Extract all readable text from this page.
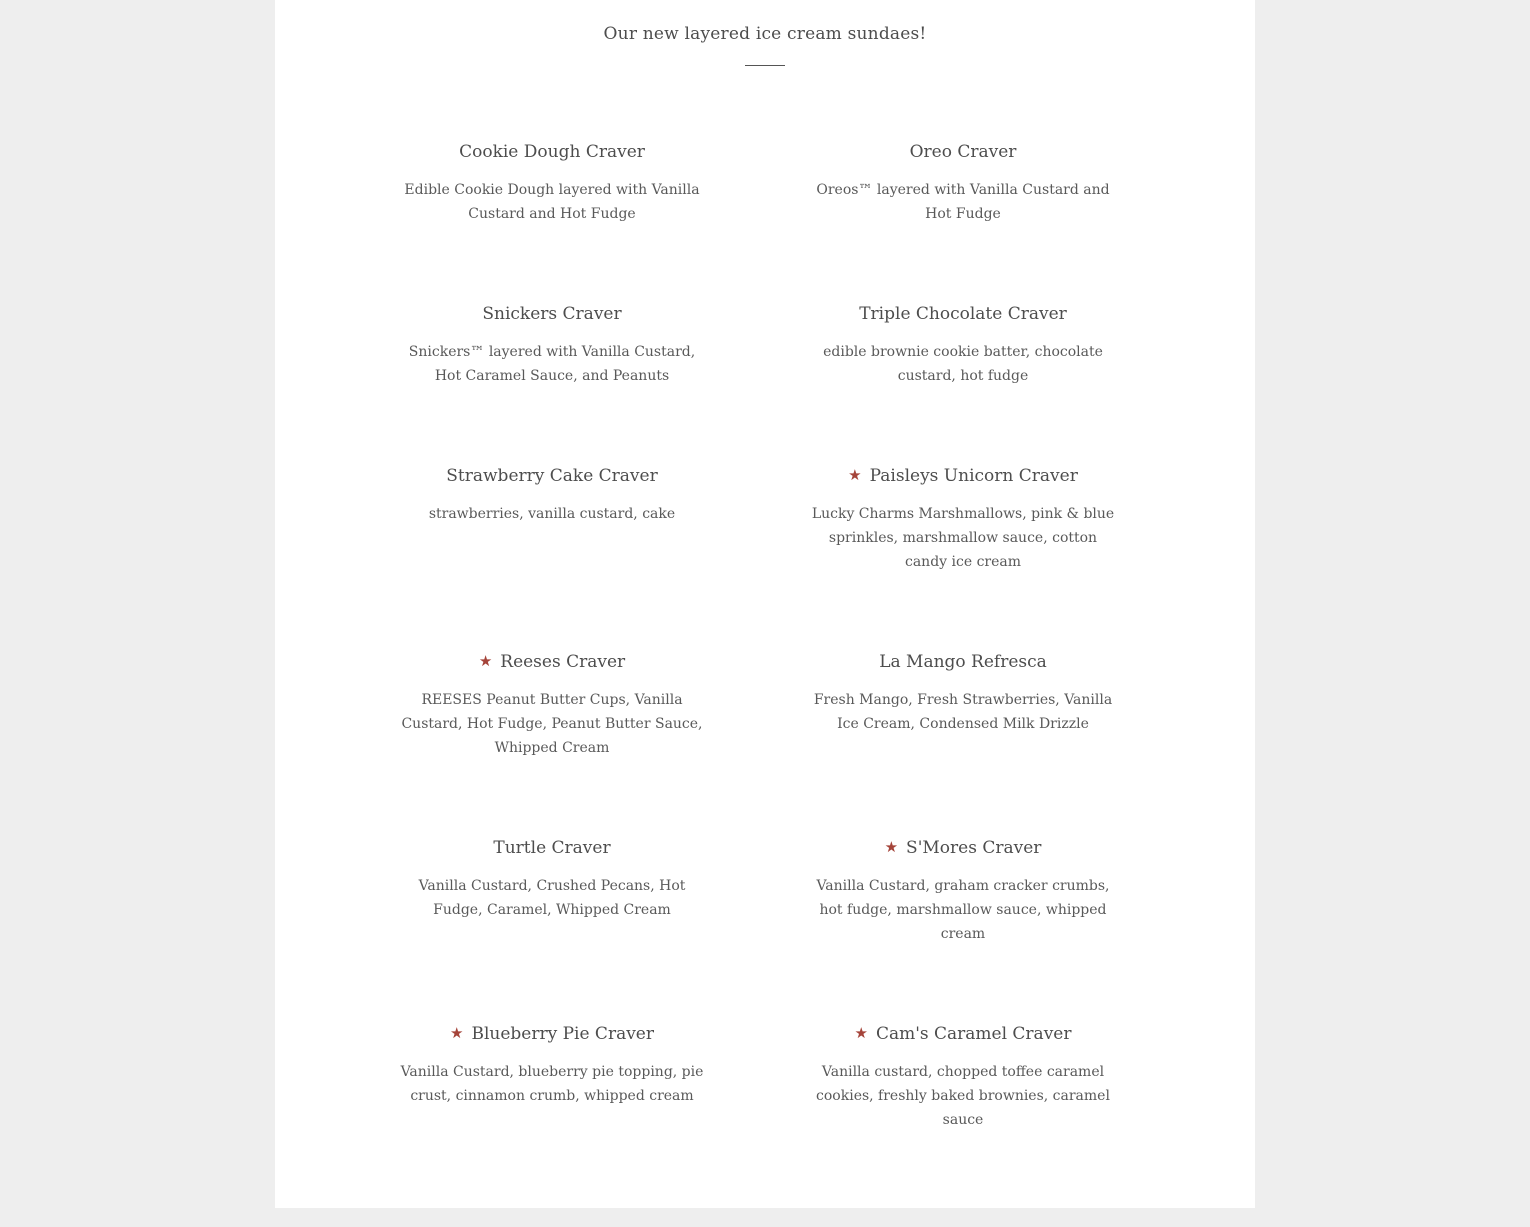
Our new layered ice cream sundaes!
Cookie Dough Craver

Edible Cookie Dough layered with Vanilla Custard and Hot Fudge

Oreo Craver

Oreos™ layered with Vanilla Custard and Hot Fudge

Snickers Craver

Snickers™ layered with Vanilla Custard, Hot Caramel Sauce, and Peanuts

Triple Chocolate Craver

edible brownie cookie batter, chocolate custard, hot fudge

Strawberry Cake Craver

strawberries, vanilla custard, cake

★ Paisleys Unicorn Craver

Lucky Charms Marshmallows, pink & blue sprinkles, marshmallow sauce, cotton candy ice cream

★ Reeses Craver

REESES Peanut Butter Cups, Vanilla Custard, Hot Fudge, Peanut Butter Sauce, Whipped Cream

La Mango Refresca

Fresh Mango, Fresh Strawberries, Vanilla Ice Cream, Condensed Milk Drizzle

Turtle Craver

Vanilla Custard, Crushed Pecans, Hot Fudge, Caramel, Whipped Cream

★ S'Mores Craver

Vanilla Custard, graham cracker crumbs, hot fudge, marshmallow sauce, whipped cream

★ Blueberry Pie Craver

Vanilla Custard, blueberry pie topping, pie crust, cinnamon crumb, whipped cream

★ Cam's Caramel Craver

Vanilla custard, chopped toffee caramel cookies, freshly baked brownies, caramel sauce
